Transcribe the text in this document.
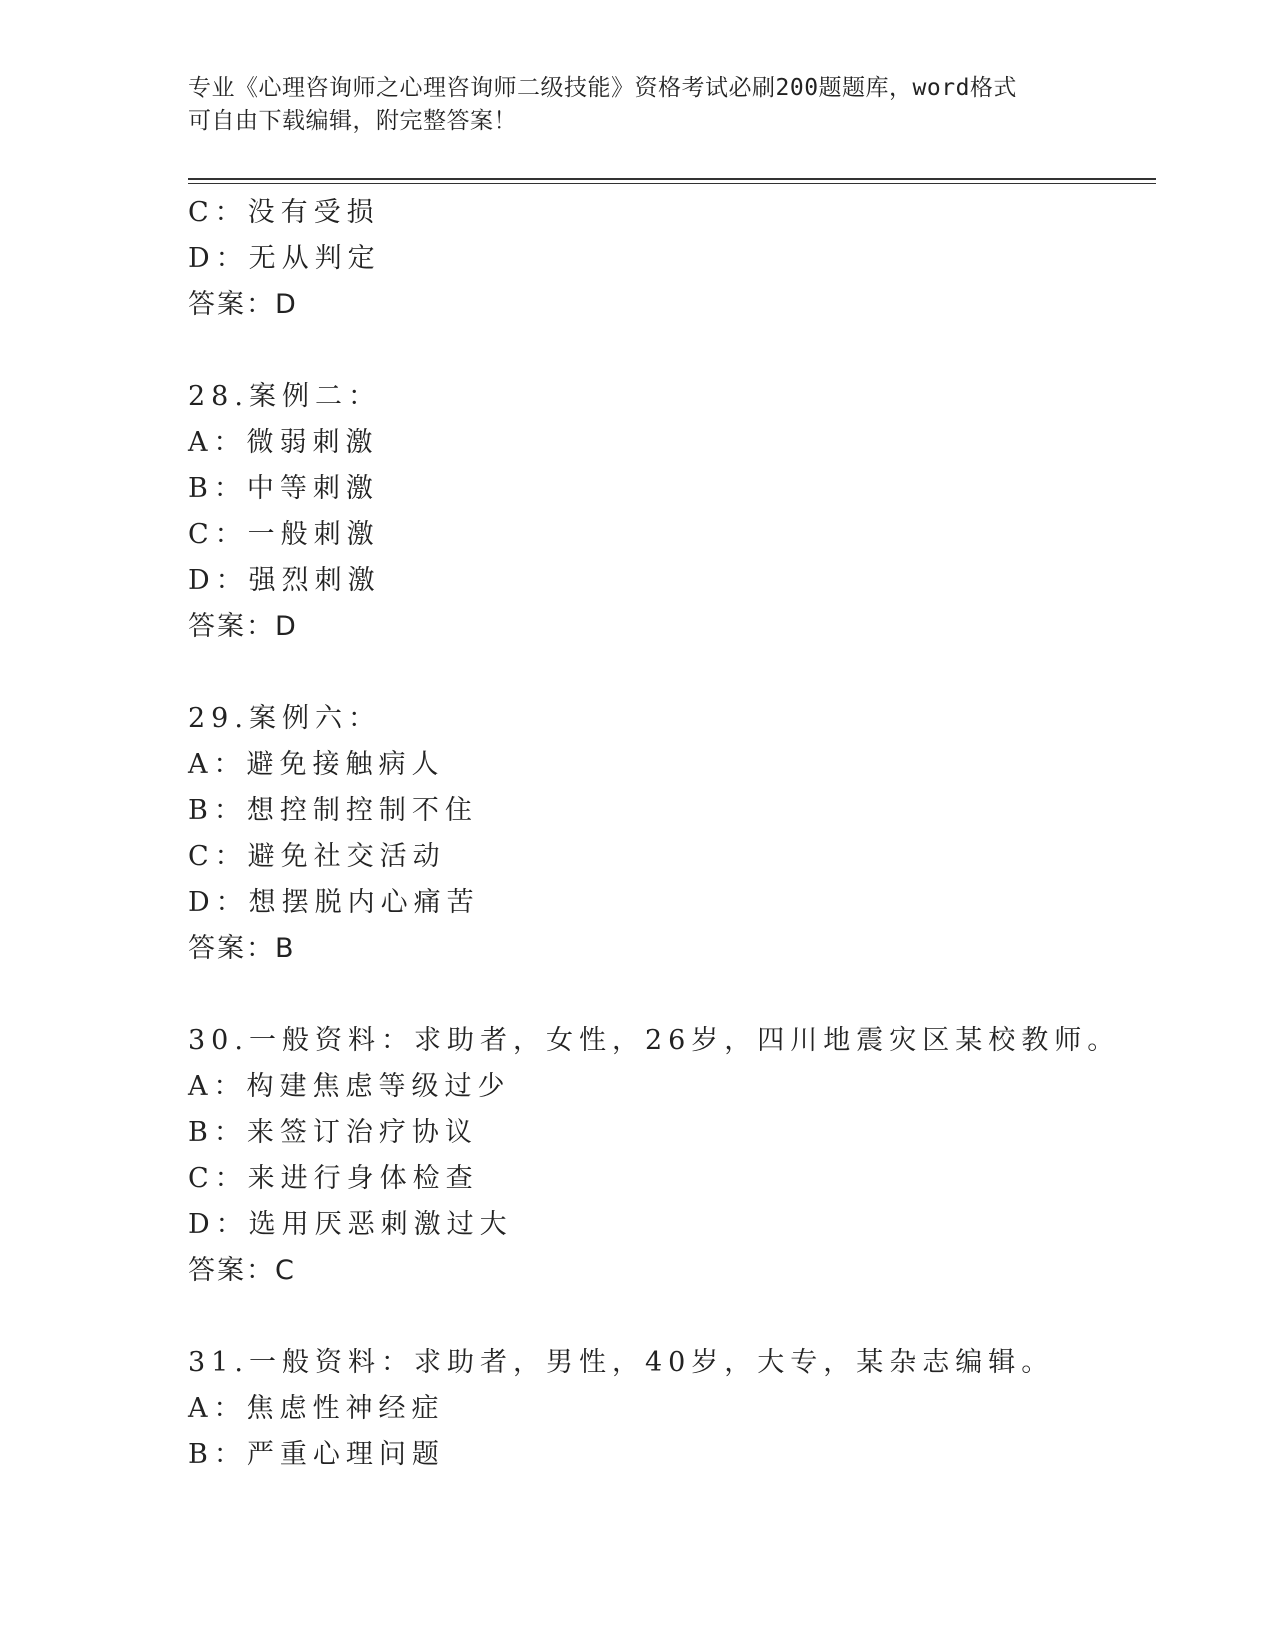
专业《心理咨询师之心理咨询师二级技能》资格考试必刷200题题库，word格式
可自由下载编辑，附完整答案！
C：没有受损
D：无从判定
答案：D
28.案例二：
A：微弱刺激
B：中等刺激
C：一般刺激
D：强烈刺激
答案：D
29.案例六：
A：避免接触病人
B：想控制控制不住
C：避免社交活动
D：想摆脱内心痛苦
答案：B
30.一般资料：求助者，女性，26岁，四川地震灾区某校教师。
A：构建焦虑等级过少
B：来签订治疗协议
C：来进行身体检查
D：选用厌恶刺激过大
答案：C
31.一般资料：求助者，男性，40岁，大专，某杂志编辑。
A：焦虑性神经症
B：严重心理问题
